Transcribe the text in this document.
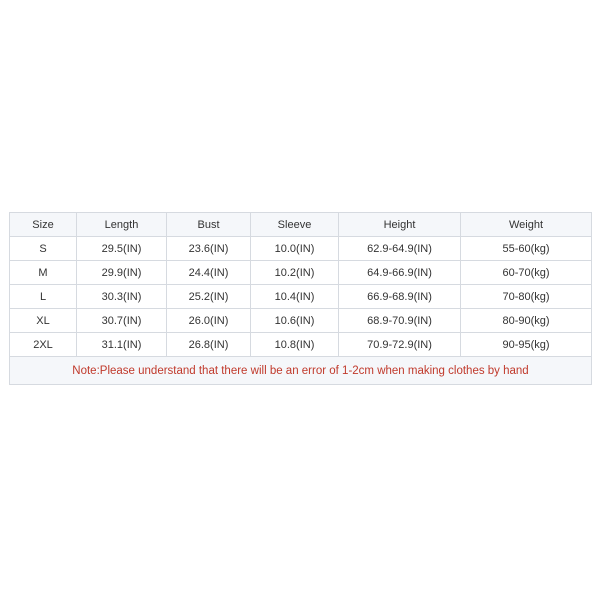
Size	Length	Bust	Sleeve	Height	Weight
S	29.5(IN)	23.6(IN)	10.0(IN)	62.9-64.9(IN)	55-60(kg)
M	29.9(IN)	24.4(IN)	10.2(IN)	64.9-66.9(IN)	60-70(kg)
L	30.3(IN)	25.2(IN)	10.4(IN)	66.9-68.9(IN)	70-80(kg)
XL	30.7(IN)	26.0(IN)	10.6(IN)	68.9-70.9(IN)	80-90(kg)
2XL	31.1(IN)	26.8(IN)	10.8(IN)	70.9-72.9(IN)	90-95(kg)
Note:Please understand that there will be an error of 1-2cm when making clothes by hand					
